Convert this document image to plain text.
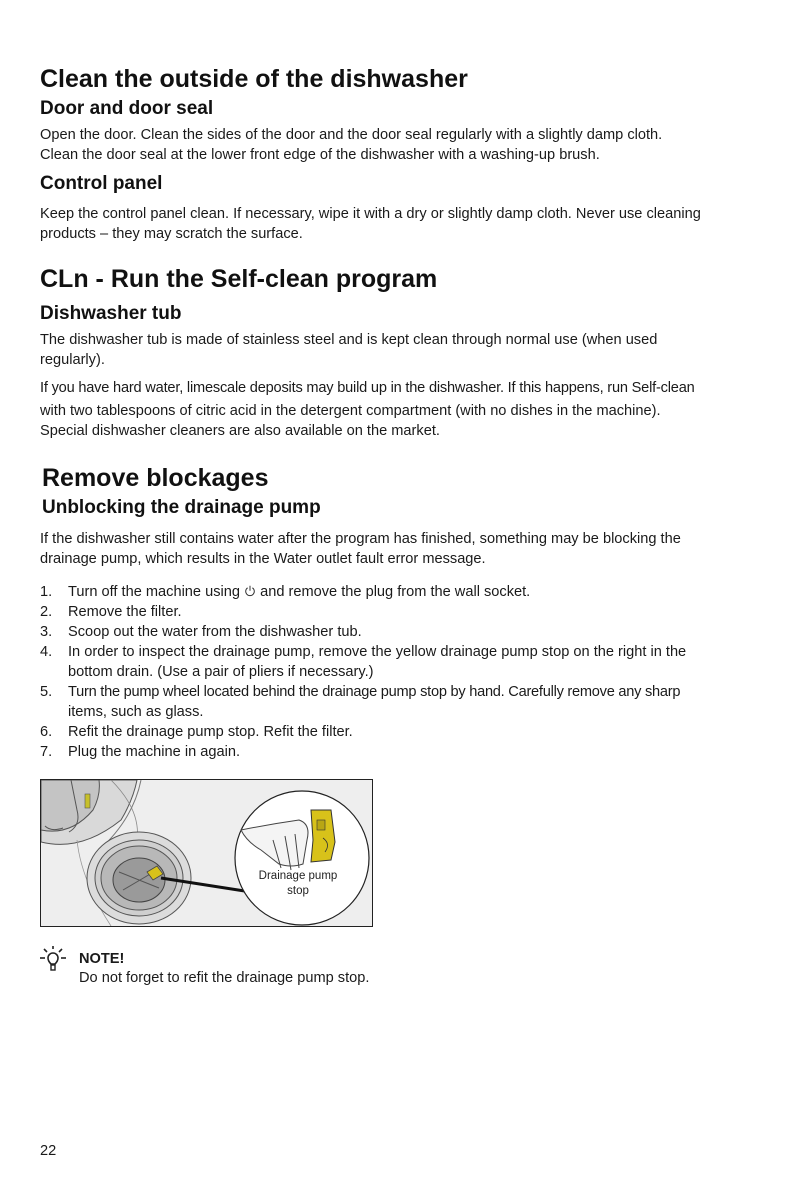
Clean the outside of the dishwasher
Door and door seal

Open the door. Clean the sides of the door and the door seal regularly with a slightly damp cloth.

Clean the door seal at the lower front edge of the dishwasher with a washing-up brush.

Control panel

Keep the control panel clean. If necessary, wipe it with a dry or slightly damp cloth. Never use cleaning

products – they may scratch the surface.

CLn - Run the Self-clean program
Dishwasher tub

The dishwasher tub is made of stainless steel and is kept clean through normal use (when used

regularly).

If you have hard water, limescale deposits may build up in the dishwasher. If this happens, run Self-clean

with two tablespoons of citric acid in the detergent compartment (with no dishes in the machine).

Special dishwasher cleaners are also available on the market.

Remove blockages
Unblocking the drainage pump

If the dishwasher still contains water after the program has finished, something may be blocking the

drainage pump, which results in the Water outlet fault error message.

1. Turn off the machine using and remove the plug from the wall socket.
2. Remove the filter.
3. Scoop out the water from the dishwasher tub.
4. In order to inspect the drainage pump, remove the yellow drainage pump stop on the right in the
bottom drain. (Use a pair of pliers if necessary.)
5. Turn the pump wheel located behind the drainage pump stop by hand. Carefully remove any sharp
items, such as glass.
6. Refit the drainage pump stop. Refit the filter.
7. Plug the machine in again.
Drainage pump
stop

NOTE!

Do not forget to refit the drainage pump stop.

22
